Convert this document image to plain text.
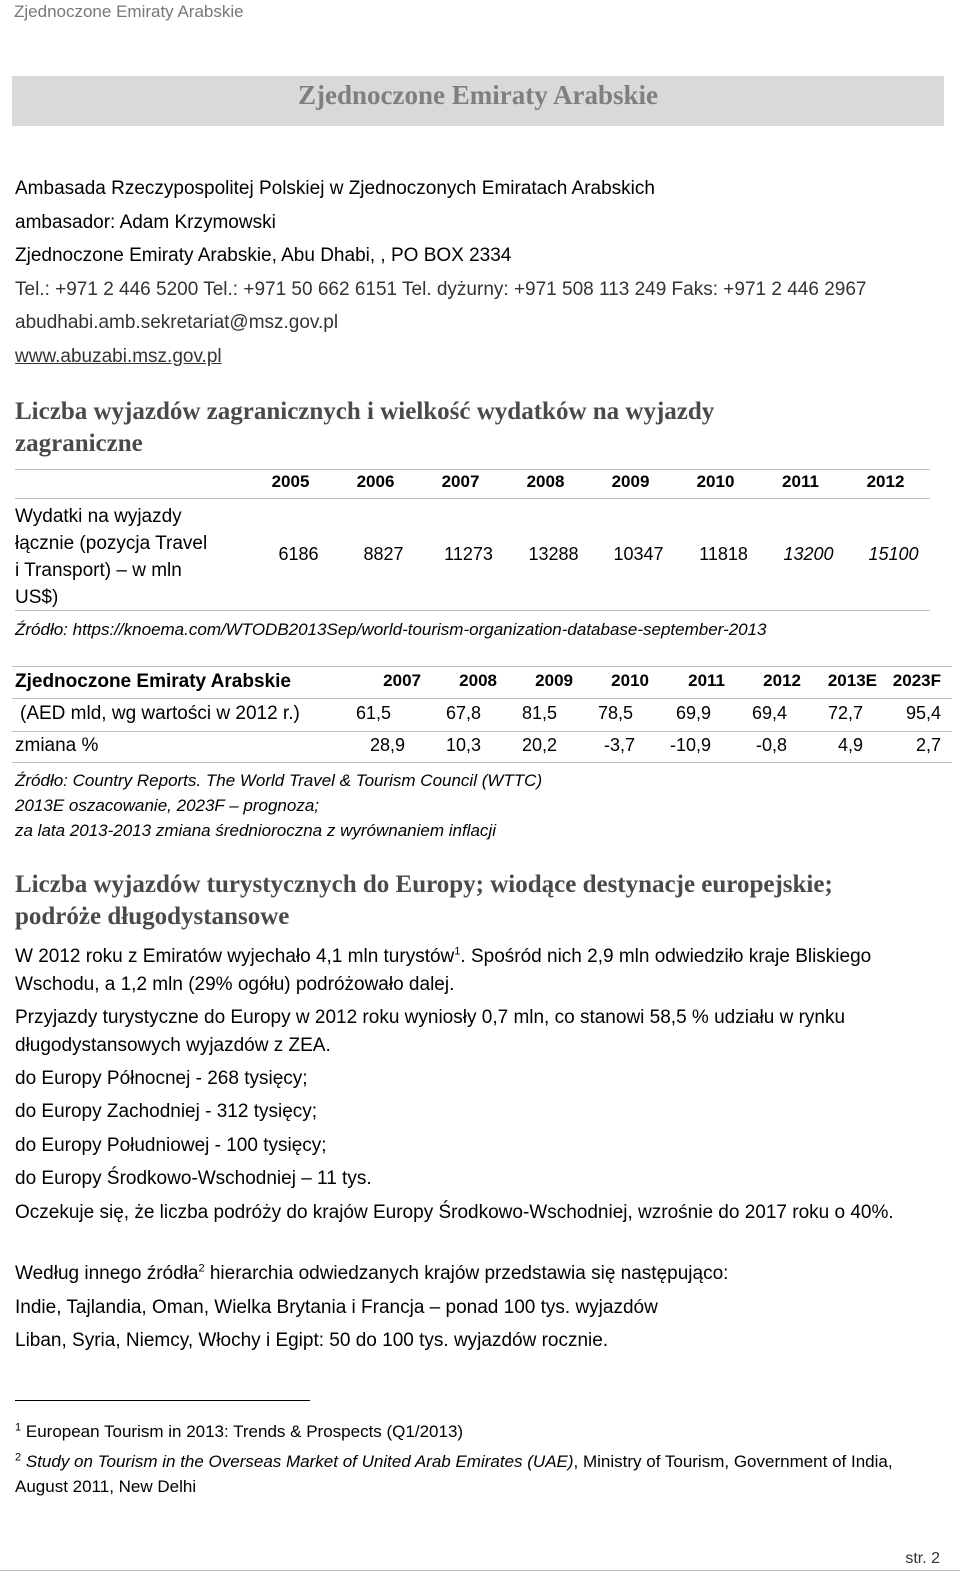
Zjednoczone Emiraty Arabskie
Zjednoczone Emiraty Arabskie
Ambasada Rzeczypospolitej Polskiej w Zjednoczonych Emiratach Arabskich
ambasador: Adam Krzymowski
Zjednoczone Emiraty Arabskie, Abu Dhabi, , PO BOX 2334
Tel.: +971 2 446 5200 Tel.: +971 50 662 6151 Tel. dyżurny: +971 508 113 249 Faks: +971 2 446 2967
abudhabi.amb.sekretariat@msz.gov.pl
www.abuzabi.msz.gov.pl
Liczba wyjazdów zagranicznych i wielkość wydatków na wyjazdy
zagraniczne
2005	2006	2007	2008	2009	2010	2011	2012
Wydatki na wyjazdy
łącznie (pozycja Travel
i Transport) – w mln
US$)
6186	8827	11273	13288	10347	11818	13200	15100
Źródło: https://knoema.com/WTODB2013Sep/world-tourism-organization-database-september-2013
Zjednoczone Emiraty Arabskie	2007	2008	2009	2010	2011	2012	2013E 2023F
(AED mld, wg wartości w 2012 r.)	61,5	67,8	81,5	78,5	69,9	69,4	72,7	95,4
zmiana %	28,9	10,3	20,2	-3,7	-10,9	-0,8	4,9	2,7
Źródło: Country Reports. The World Travel & Tourism Council (WTTC)
2013E oszacowanie, 2023F – prognoza;
za lata 2013-2013 zmiana średnioroczna z wyrównaniem inflacji
Liczba wyjazdów turystycznych do Europy; wiodące destynacje europejskie;
podróże długodystansowe
W 2012 roku z Emiratów wyjechało 4,1 mln turystów$^1$. Spośród nich 2,9 mln odwiedziło kraje Bliskiego Wschodu, a 1,2 mln (29% ogółu) podróżowało dalej.
Przyjazdy turystyczne do Europy w 2012 roku wyniosły 0,7 mln, co stanowi 58,5 % udziału w rynku długodystansowych wyjazdów z ZEA.
do Europy Północnej - 268 tysięcy;
do Europy Zachodniej - 312 tysięcy;
do Europy Południowej - 100 tysięcy;
do Europy Środkowo-Wschodniej – 11 tys.
Oczekuje się, że liczba podróży do krajów Europy Środkowo-Wschodniej, wzrośnie do 2017 roku o 40%.
Według innego źródła$^2$ hierarchia odwiedzanych krajów przedstawia się następująco:
Indie, Tajlandia, Oman, Wielka Brytania i Francja – ponad 100 tys. wyjazdów
Liban, Syria, Niemcy, Włochy i Egipt: 50 do 100 tys. wyjazdów rocznie.
$^1$ European Tourism in 2013: Trends & Prospects (Q1/2013)
$^2$ Study on Tourism in the Overseas Market of United Arab Emirates (UAE), Ministry of Tourism, Government of India, August 2011, New Delhi
str. 2
